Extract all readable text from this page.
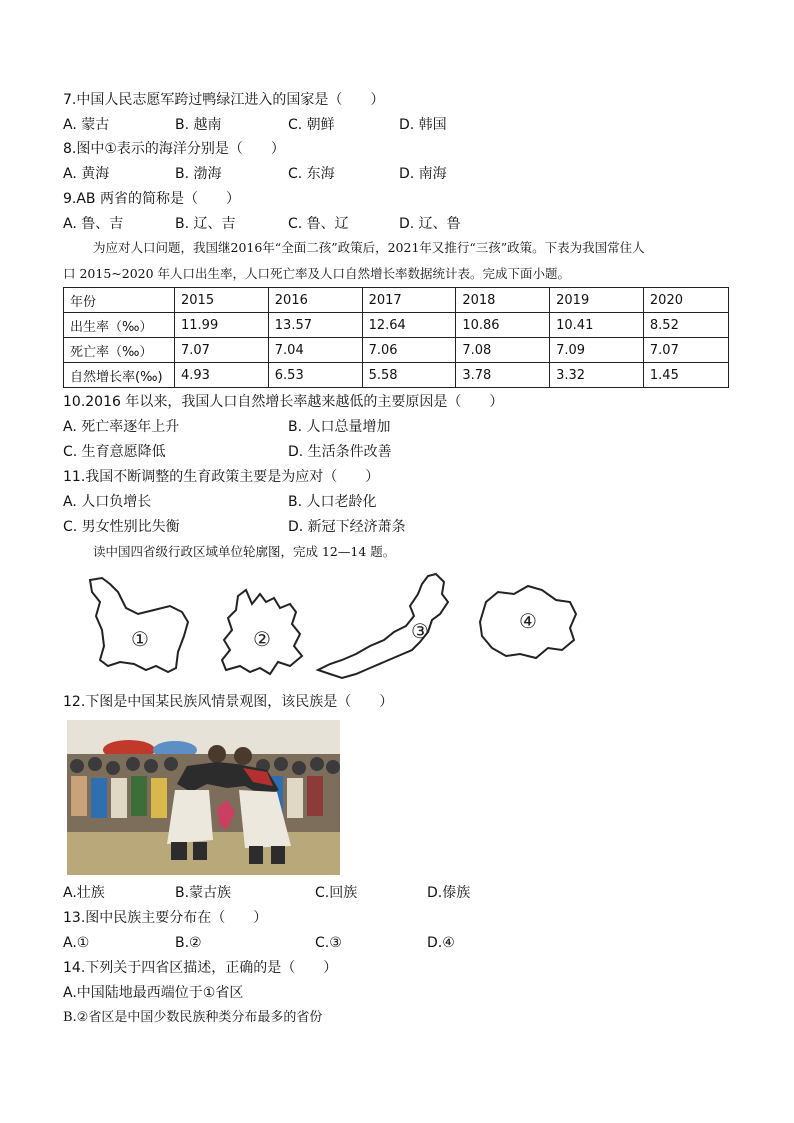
7.中国人民志愿军跨过鸭绿江进入的国家是（　　）
A. 蒙古	B. 越南	C. 朝鲜	D. 韩国
8.图中①表示的海洋分别是（　　）
A. 黄海	B. 渤海	C. 东海	D. 南海
9.AB 两省的简称是（　　）
A. 鲁、吉	B. 辽、吉	C. 鲁、辽	D. 辽、鲁
为应对人口问题，我国继2016年“全面二孩”政策后，2021年又推行“三孩”政策。下表为我国常住人
口 2015~2020 年人口出生率，人口死亡率及人口自然增长率数据统计表。完成下面小题。
年份	2015	2016	2017	2018	2019	2020
出生率（‰）	11.99	13.57	12.64	10.86	10.41	8.52
死亡率（‰）	7.07	7.04	7.06	7.08	7.09	7.07
自然增长率(‰)	4.93	6.53	5.58	3.78	3.32	1.45
10.2016 年以来，我国人口自然增长率越来越低的主要原因是（　　）
A. 死亡率逐年上升	B. 人口总量增加
C. 生育意愿降低	D. 生活条件改善
11.我国不断调整的生育政策主要是为应对（　　）
A. 人口负增长	B. 人口老龄化
C. 男女性别比失衡	D. 新冠下经济萧条
读中国四省级行政区域单位轮廓图，完成 12—14 题。
①	②	③	④
12.下图是中国某民族风情景观图，该民族是（　　）
A.壮族	B.蒙古族	C.回族	D.傣族
13.图中民族主要分布在（　　）
A.①	B.②	C.③	D.④
14.下列关于四省区描述，正确的是（　　）
A.中国陆地最西端位于①省区
B.②省区是中国少数民族种类分布最多的省份
